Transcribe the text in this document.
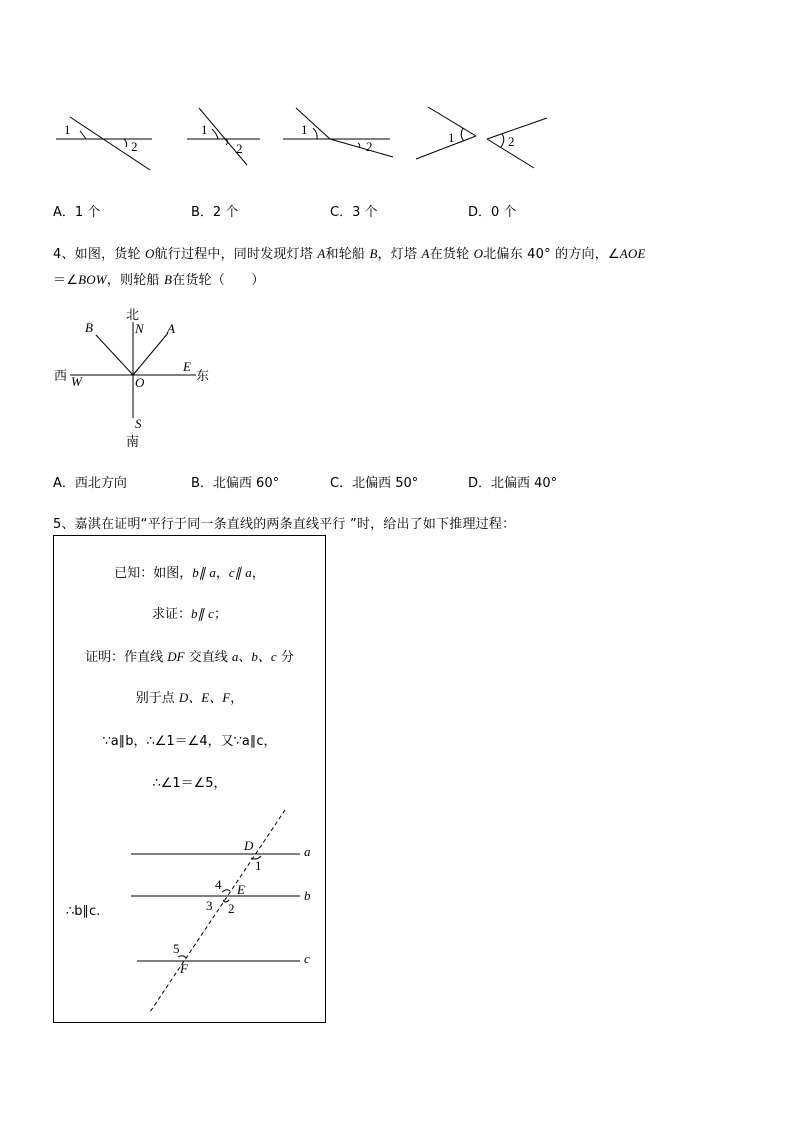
1
2
1
2
1
2
1	2
A．1 个	B．2 个	C．3 个	D．0 个
4、如图，货轮 O航行过程中，同时发现灯塔 A和轮船 B，灯塔 A在货轮 O北偏东 40° 的方向，∠AOE
＝∠BOW，则轮船 B在货轮（　　）
北
南
东
西
N
S
E
W	O
A
B
A．西北方向	B．北偏西 60°	C．北偏西 50°	D．北偏西 40°
5、嘉淇在证明“平行于同一条直线的两条直线平行 ”时，给出了如下推理过程：
已知：如图，b∥ a，c∥ a，
求证：b∥ c；
证明：作直线 DF 交直线 a、b、c 分
别于点 D、E、F，
∵a∥b，∴∠1＝∠4，又∵a∥c，
∴∠1＝∠5，
∴b∥c.
a
b
c
D
E
F
1
2
3
4
5
